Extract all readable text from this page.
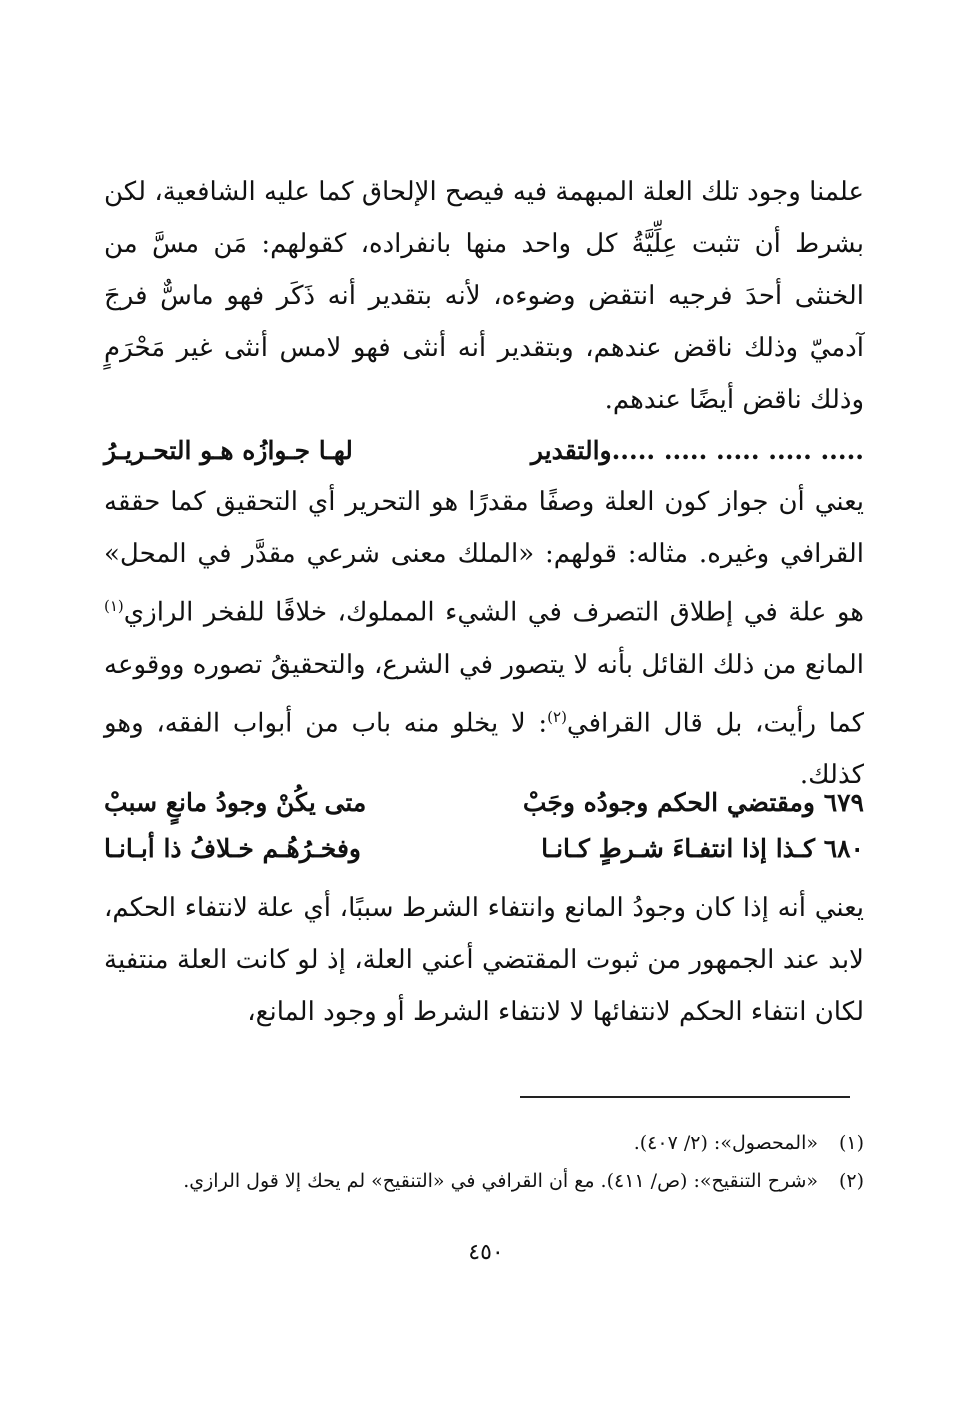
علمنا وجود تلك العلة المبهمة فيه فيصح الإلحاق كما عليه الشافعية، لكن بشرط أن تثبت عِلِّيَّةُ كل واحد منها بانفراده، كقولهم: مَن مسَّ من الخنثى أحدَ فرجيه انتقض وضوءه، لأنه بتقدير أنه ذَكَر فهو ماسٌّ فرجَ آدميّ وذلك ناقض عندهم، وبتقدير أنه أنثى فهو لامس أنثى غير مَحْرَمٍ وذلك ناقض أيضًا عندهم.
..... ..... ..... ..... .....والتقدير
لهـا جـوازُه هـو التحـريـرُ
يعني أن جواز كون العلة وصفًا مقدرًا هو التحرير أي التحقيق كما حققه القرافي وغيره. مثاله: قولهم: «الملك معنى شرعي مقدَّر في المحل» هو علة في إطلاق التصرف في الشيء المملوك، خلافًا للفخر الرازي$^{(١)}$ المانع من ذلك القائل بأنه لا يتصور في الشرع، والتحقيقُ تصوره ووقوعه كما رأيت، بل قال القرافي$^{(٢)}$: لا يخلو منه باب من أبواب الفقه، وهو كذلك.
٦٧٩ ومقتضي الحكم وجودُه وجَبْ
متى يكُنْ وجودُ مانعٍ سببْ
٦٨٠ كـذا إذا انتفـاءَ شـرطٍ كـانـا
وفخـرُهُـم خـلافُ ذا أبـانـا
يعني أنه إذا كان وجودُ المانع وانتفاء الشرط سببًا، أي علة لانتفاء الحكم، لابد عند الجمهور من ثبوت المقتضي أعني العلة، إذ لو كانت العلة منتفية لكان انتفاء الحكم لانتفائها لا لانتفاء الشرط أو وجود المانع،
(١)
«المحصول»: (٢/ ٤٠٧).
(٢)
«شرح التنقيح»: (ص/ ٤١١). مع أن القرافي في «التنقيح» لم يحك إلا قول الرازي.
٤٥٠
